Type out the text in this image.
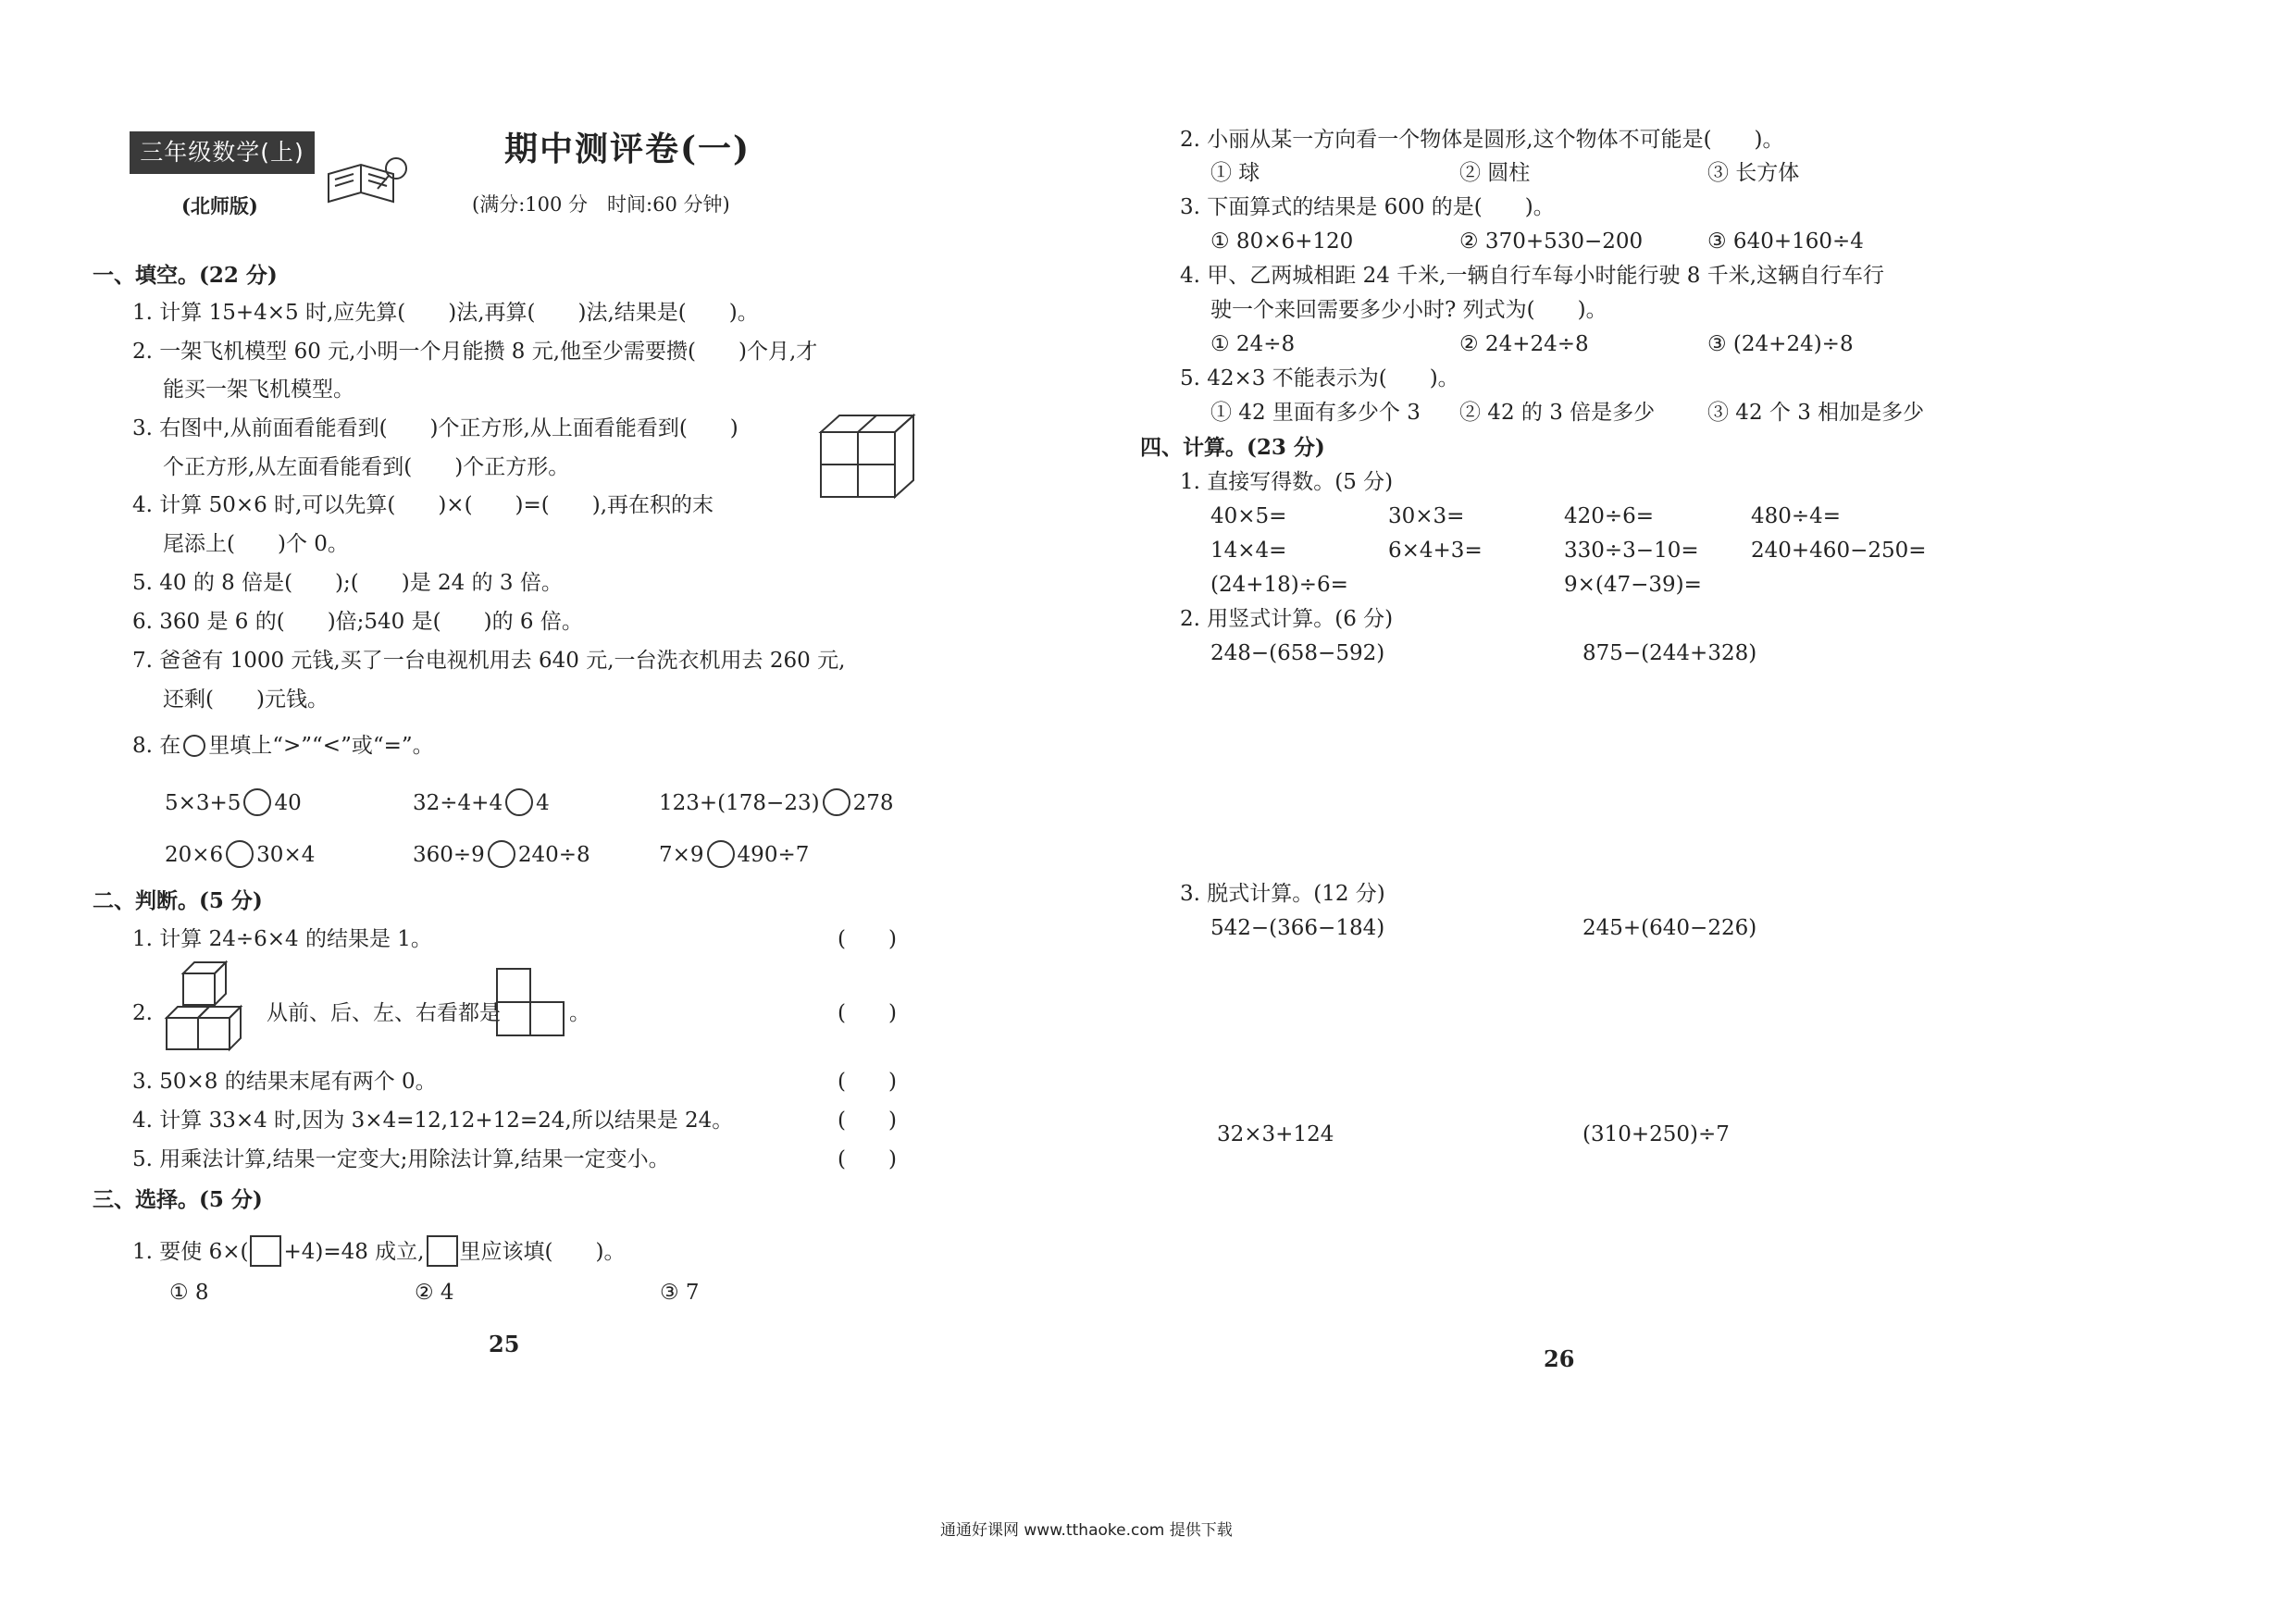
三年级数学(上)
(北师版)
期中测评卷(一)
(满分:100 分　时间:60 分钟)
一、填空。(22 分)
1. 计算 15+4×5 时,应先算(　　)法,再算(　　)法,结果是(　　)。
2. 一架飞机模型 60 元,小明一个月能攒 8 元,他至少需要攒(　　)个月,才
能买一架飞机模型。
3. 右图中,从前面看能看到(　　)个正方形,从上面看能看到(　　)
个正方形,从左面看能看到(　　)个正方形。
4. 计算 50×6 时,可以先算(　　)×(　　)=(　　),再在积的末
尾添上(　　)个 0。
5. 40 的 8 倍是(　　);(　　)是 24 的 3 倍。
6. 360 是 6 的(　　)倍;540 是(　　)的 6 倍。
7. 爸爸有 1000 元钱,买了一台电视机用去 640 元,一台洗衣机用去 260 元,
还剩(　　)元钱。
8. 在 里填上“>”“<”或“=”。
5×3+5 40	32÷4+4 4	123+(178−23) 278
20×6 30×4	360÷9 240÷8	7×9 490÷7
二、判断。(5 分)
1. 计算 24÷6×4 的结果是 1。	(　　)
2.	从前、后、左、右看都是	。	(　　)
3. 50×8 的结果末尾有两个 0。	(　　)
4. 计算 33×4 时,因为 3×4=12,12+12=24,所以结果是 24。	(　　)
5. 用乘法计算,结果一定变大;用除法计算,结果一定变小。	(　　)
三、选择。(5 分)
1. 要使 6×( +4)=48 成立, 里应该填(　　)。
① 8	② 4	③ 7
25
2. 小丽从某一方向看一个物体是圆形,这个物体不可能是(　　)。
① 球	② 圆柱	③ 长方体
3. 下面算式的结果是 600 的是(　　)。
① 80×6+120	② 370+530−200	③ 640+160÷4
4. 甲、乙两城相距 24 千米,一辆自行车每小时能行驶 8 千米,这辆自行车行
驶一个来回需要多少小时? 列式为(　　)。
① 24÷8	② 24+24÷8	③ (24+24)÷8
5. 42×3 不能表示为(　　)。
① 42 里面有多少个 3 ② 42 的 3 倍是多少 ③ 42 个 3 相加是多少
四、计算。(23 分)
1. 直接写得数。(5 分)
40×5=	30×3=	420÷6=	480÷4=
14×4=	6×4+3=	330÷3−10= 240+460−250=
(24+18)÷6=	9×(47−39)=
2. 用竖式计算。(6 分)
248−(658−592)	875−(244+328)
3. 脱式计算。(12 分)
542−(366−184)	245+(640−226)
32×3+124	(310+250)÷7
26
通通好课网 www.tthaoke.com 提供下载
